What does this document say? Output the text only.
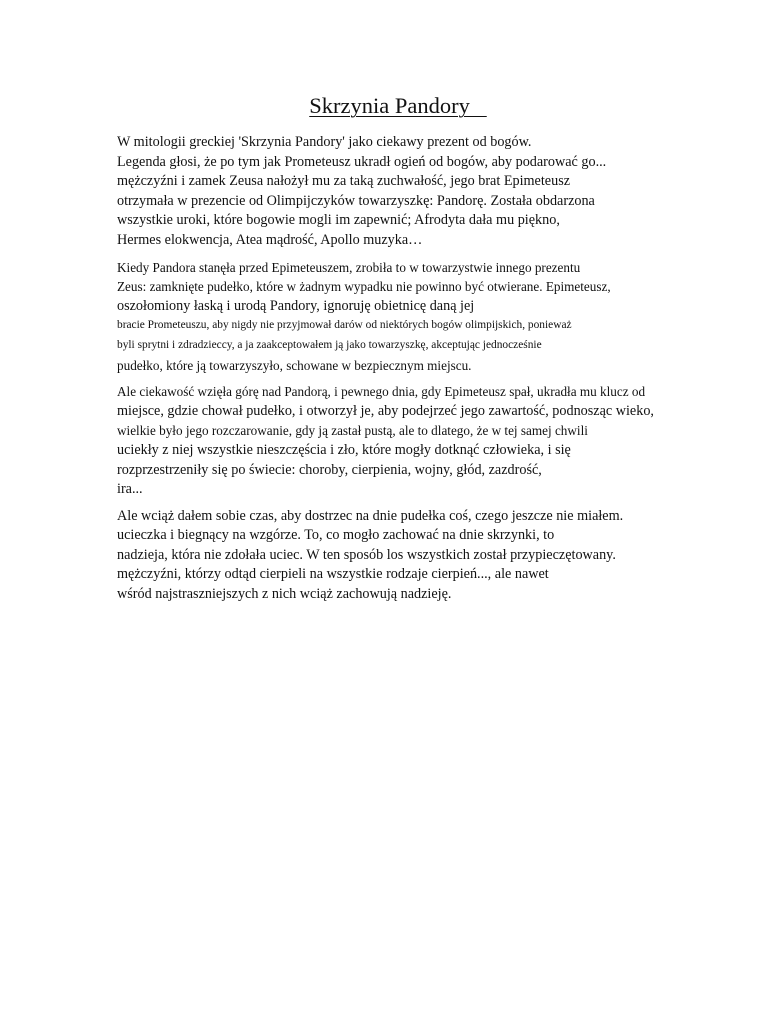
Skrzynia Pandory

W mitologii greckiej 'Skrzynia Pandory' jako ciekawy prezent od bogów.
Legenda głosi, że po tym jak Prometeusz ukradł ogień od bogów, aby podarować go...
mężczyźni i zamek Zeusa nałożył mu za taką zuchwałość, jego brat Epimeteusz
otrzymała w prezencie od Olimpijczyków towarzyszkę: Pandorę. Została obdarzona
wszystkie uroki, które bogowie mogli im zapewnić; Afrodyta dała mu piękno,
Hermes elokwencja, Atea mądrość, Apollo muzyka…

Kiedy Pandora stanęła przed Epimeteuszem, zrobiła to w towarzystwie innego prezentu
Zeus: zamknięte pudełko, które w żadnym wypadku nie powinno być otwierane. Epimeteusz,
oszołomiony łaską i urodą Pandory, ignoruję obietnicę daną jej
bracie Prometeuszu, aby nigdy nie przyjmował darów od niektórych bogów olimpijskich, ponieważ
byli sprytni i zdradzieccy, a ja zaakceptowałem ją jako towarzyszkę, akceptując jednocześnie
pudełko, które ją towarzyszyło, schowane w bezpiecznym miejscu.

Ale ciekawość wzięła górę nad Pandorą, i pewnego dnia, gdy Epimeteusz spał, ukradła mu klucz od
miejsce, gdzie chował pudełko, i otworzył je, aby podejrzeć jego zawartość, podnosząc wieko,
wielkie było jego rozczarowanie, gdy ją zastał pustą, ale to dlatego, że w tej samej chwili
uciekły z niej wszystkie nieszczęścia i zło, które mogły dotknąć człowieka, i się
rozprzestrzeniły się po świecie: choroby, cierpienia, wojny, głód, zazdrość,
ira...

Ale wciąż dałem sobie czas, aby dostrzec na dnie pudełka coś, czego jeszcze nie miałem.
ucieczka i biegnący na wzgórze. To, co mogło zachować na dnie skrzynki, to
nadzieja, która nie zdołała uciec. W ten sposób los wszystkich został przypieczętowany.
mężczyźni, którzy odtąd cierpieli na wszystkie rodzaje cierpień..., ale nawet
wśród najstraszniejszych z nich wciąż zachowują nadzieję.
